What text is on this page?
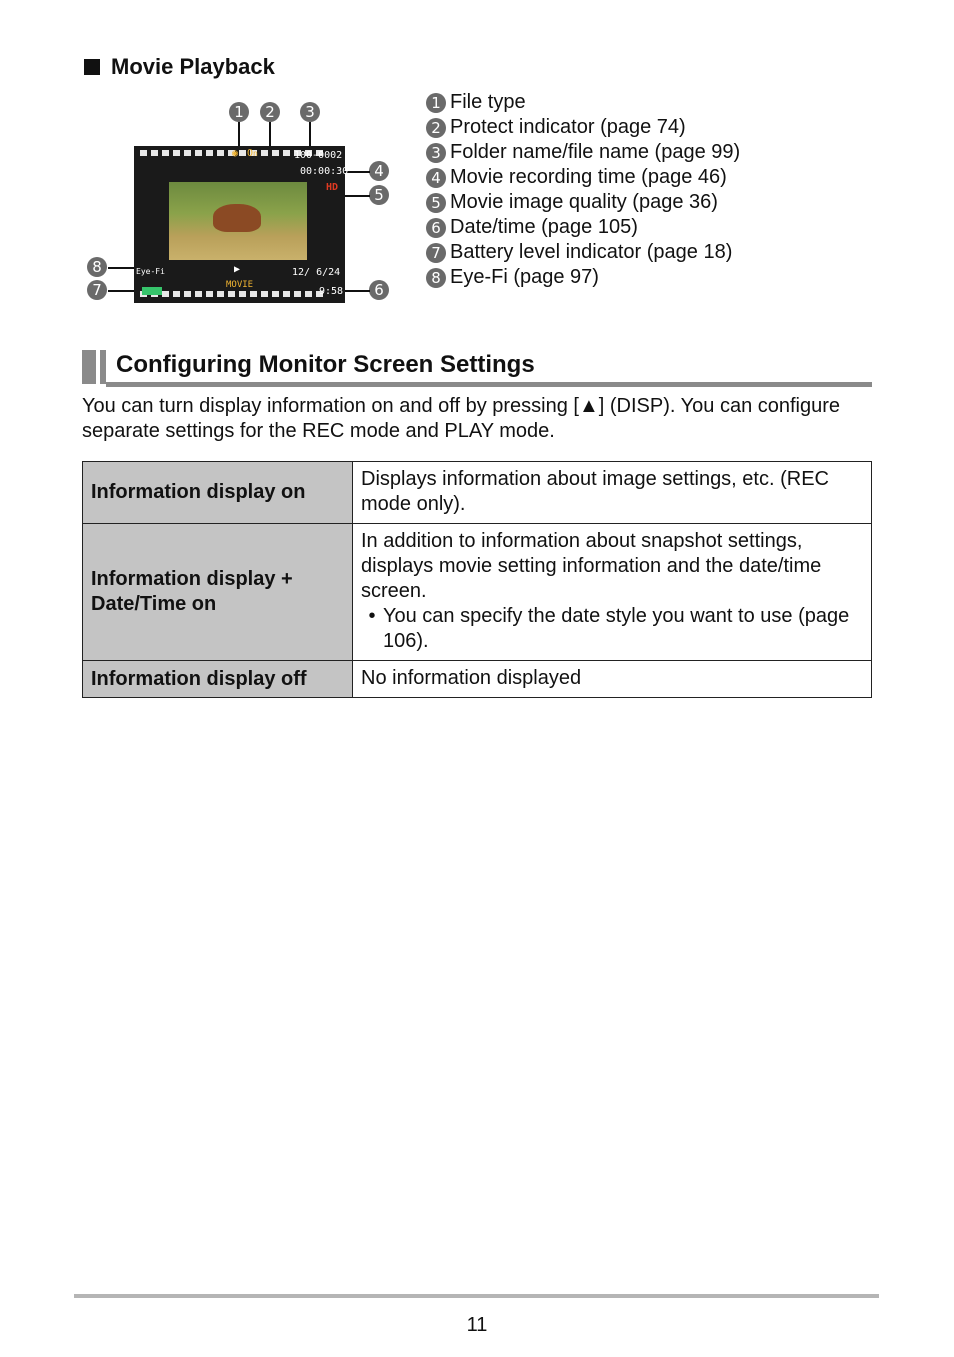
Movie Playback
1	2	3
4
5
6
7
8
◉ On	100-0002
00:00:30
HD
Eye-Fi	▶	12/ 6/24
MOVIE
9:58
1 File type
2 Protect indicator (page 74)
3 Folder name/file name (page 99)
4 Movie recording time (page 46)
5 Movie image quality (page 36)
6 Date/time (page 105)
7 Battery level indicator (page 18)
8 Eye-Fi (page 97)
Configuring Monitor Screen Settings
You can turn display information on and off by pressing [▲] (DISP). You can configure separate settings for the REC mode and PLAY mode.
Information display on	Displays information about image settings, etc. (REC mode only).
Information display + Date/Time on	In addition to information about snapshot settings, displays movie setting information and the date/time screen.
• You can specify the date style you want to use (page 106).

Information display off	No information displayed
11
